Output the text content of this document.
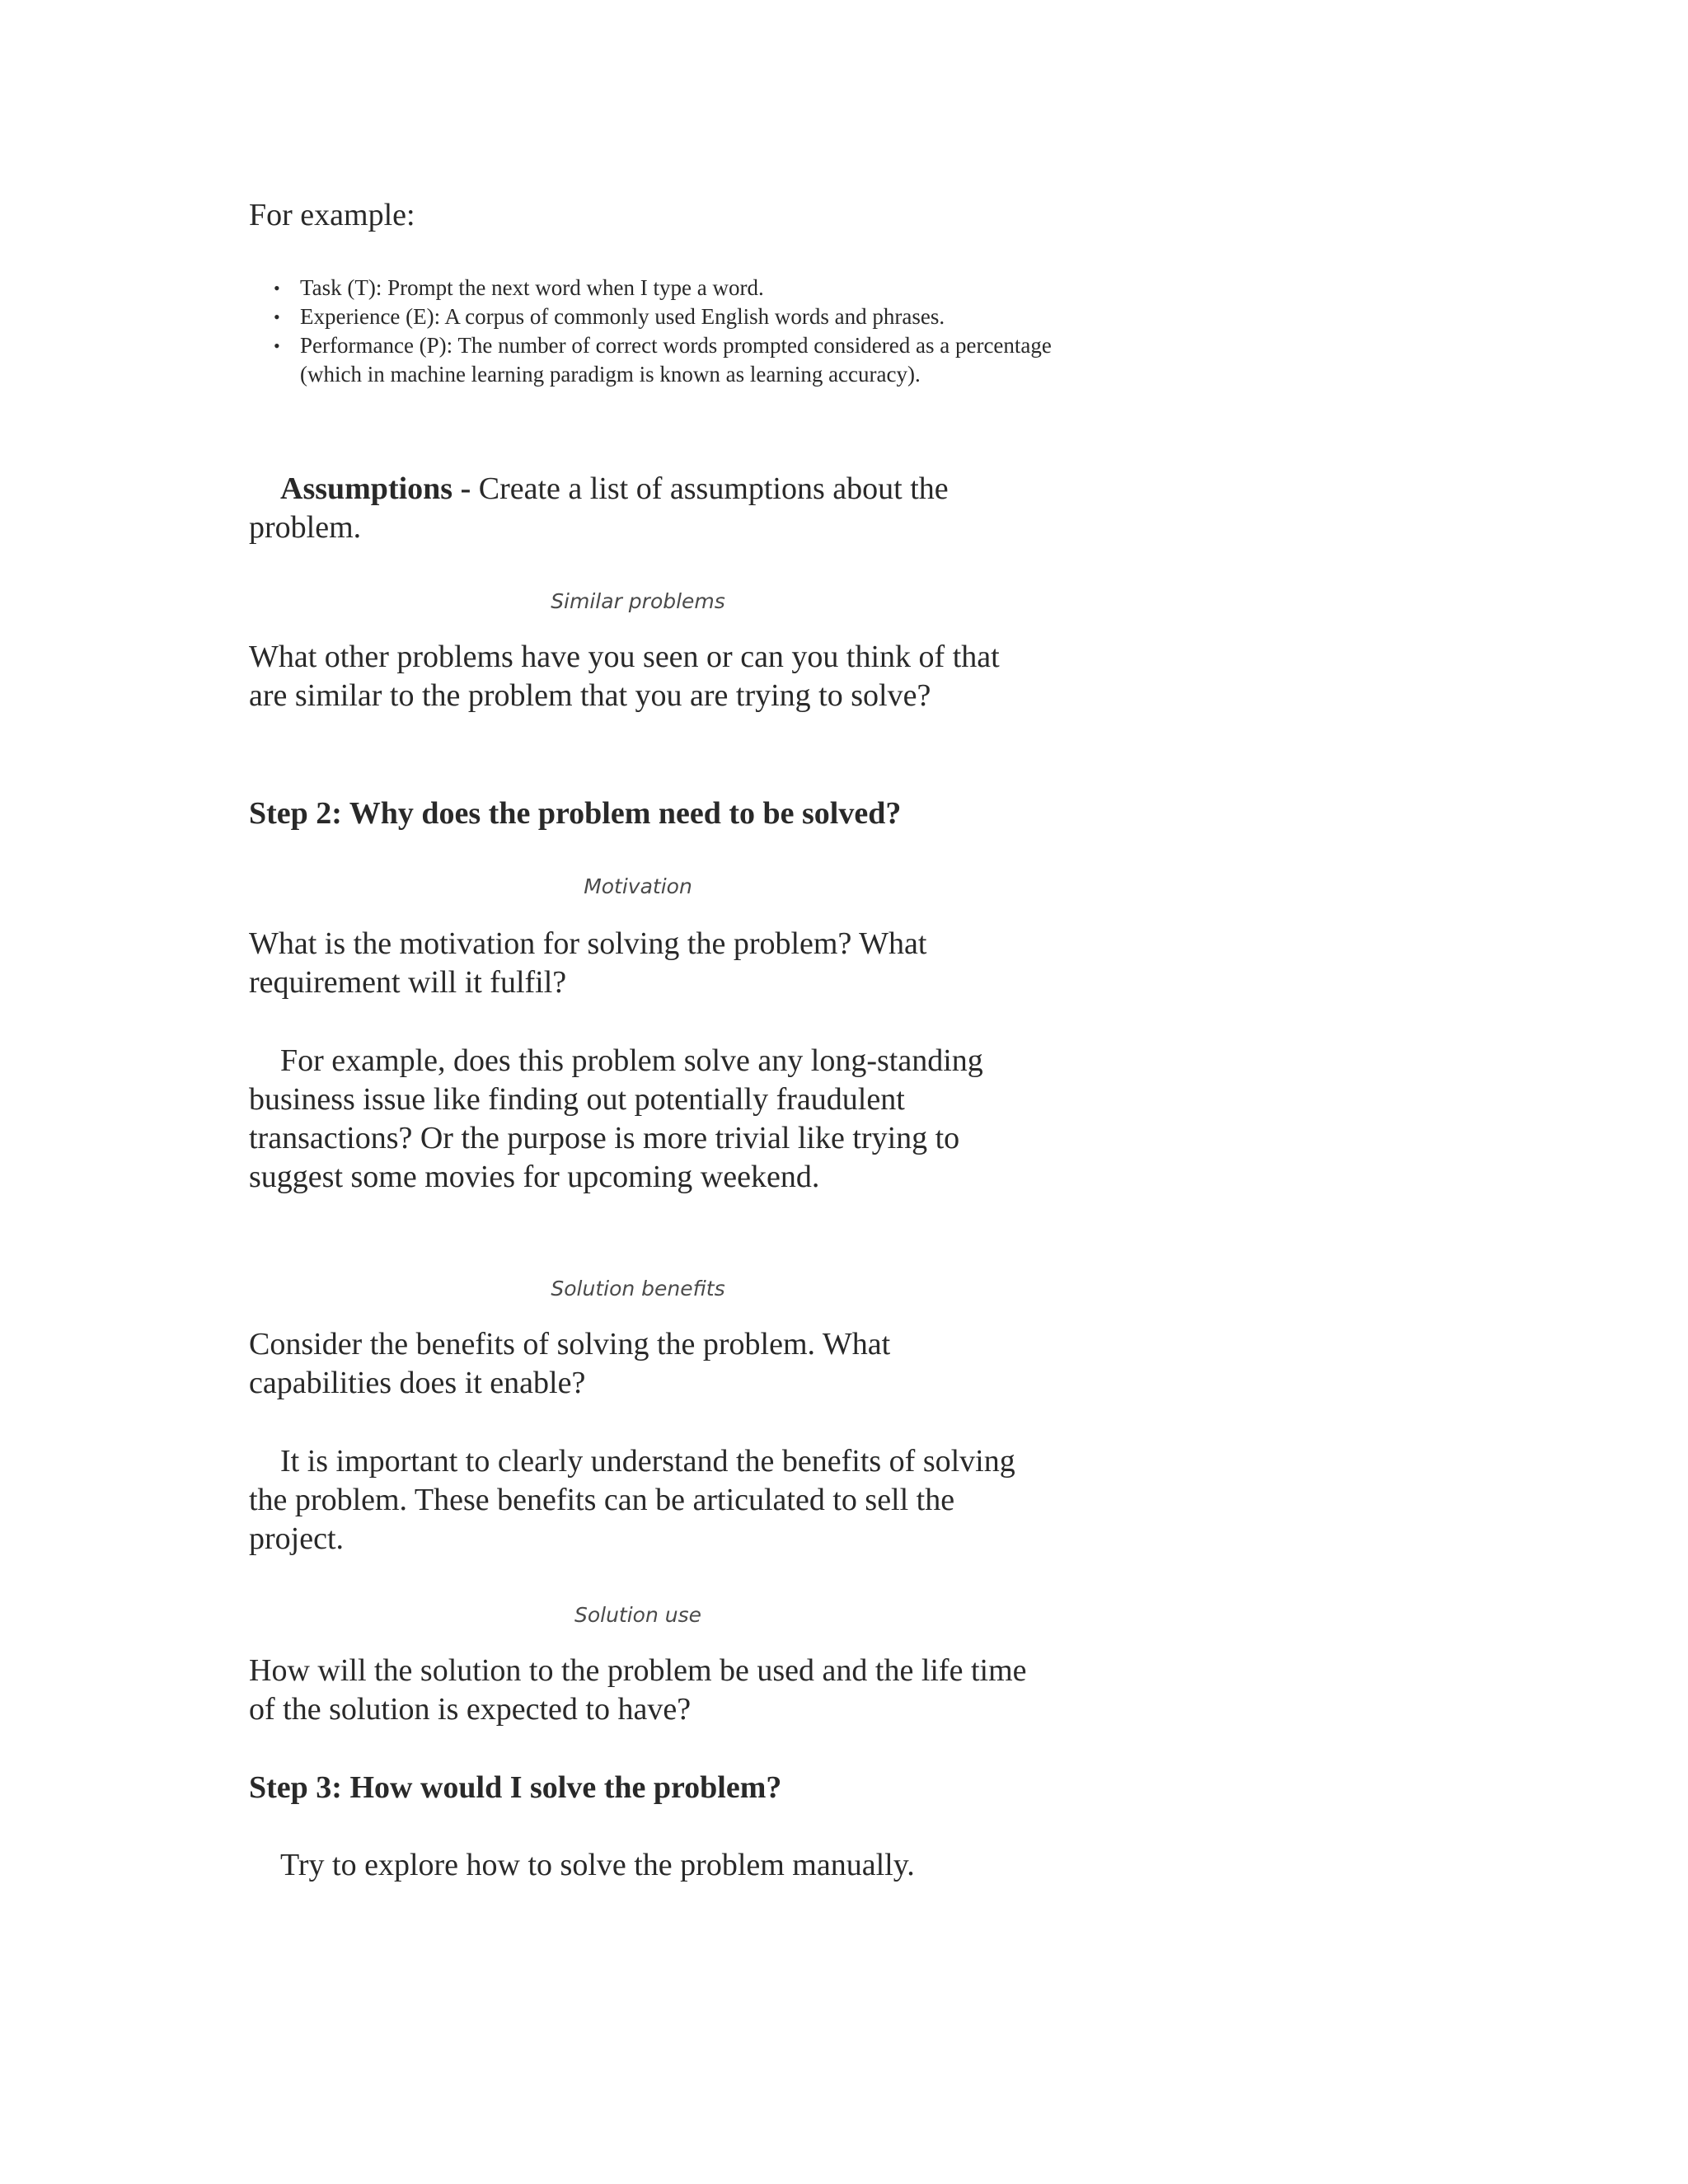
For example:

• Task (T): Prompt the next word when I type a word.
• Experience (E): A corpus of commonly used English words and phrases.
• Performance (P): The number of correct words prompted considered as a percentage (which in machine learning paradigm is known as learning accuracy).

Assumptions - Create a list of assumptions about the problem.

Similar problems

What other problems have you seen or can you think of that are similar to the problem that you are trying to solve?

Step 2: Why does the problem need to be solved?

Motivation

What is the motivation for solving the problem? What requirement will it fulfil?

For example, does this problem solve any long-standing business issue like finding out potentially fraudulent transactions? Or the purpose is more trivial like trying to suggest some movies for upcoming weekend.

Solution benefits

Consider the benefits of solving the problem. What capabilities does it enable?

It is important to clearly understand the benefits of solving the problem. These benefits can be articulated to sell the project.

Solution use

How will the solution to the problem be used and the life time of the solution is expected to have?

Step 3: How would I solve the problem?

Try to explore how to solve the problem manually.
